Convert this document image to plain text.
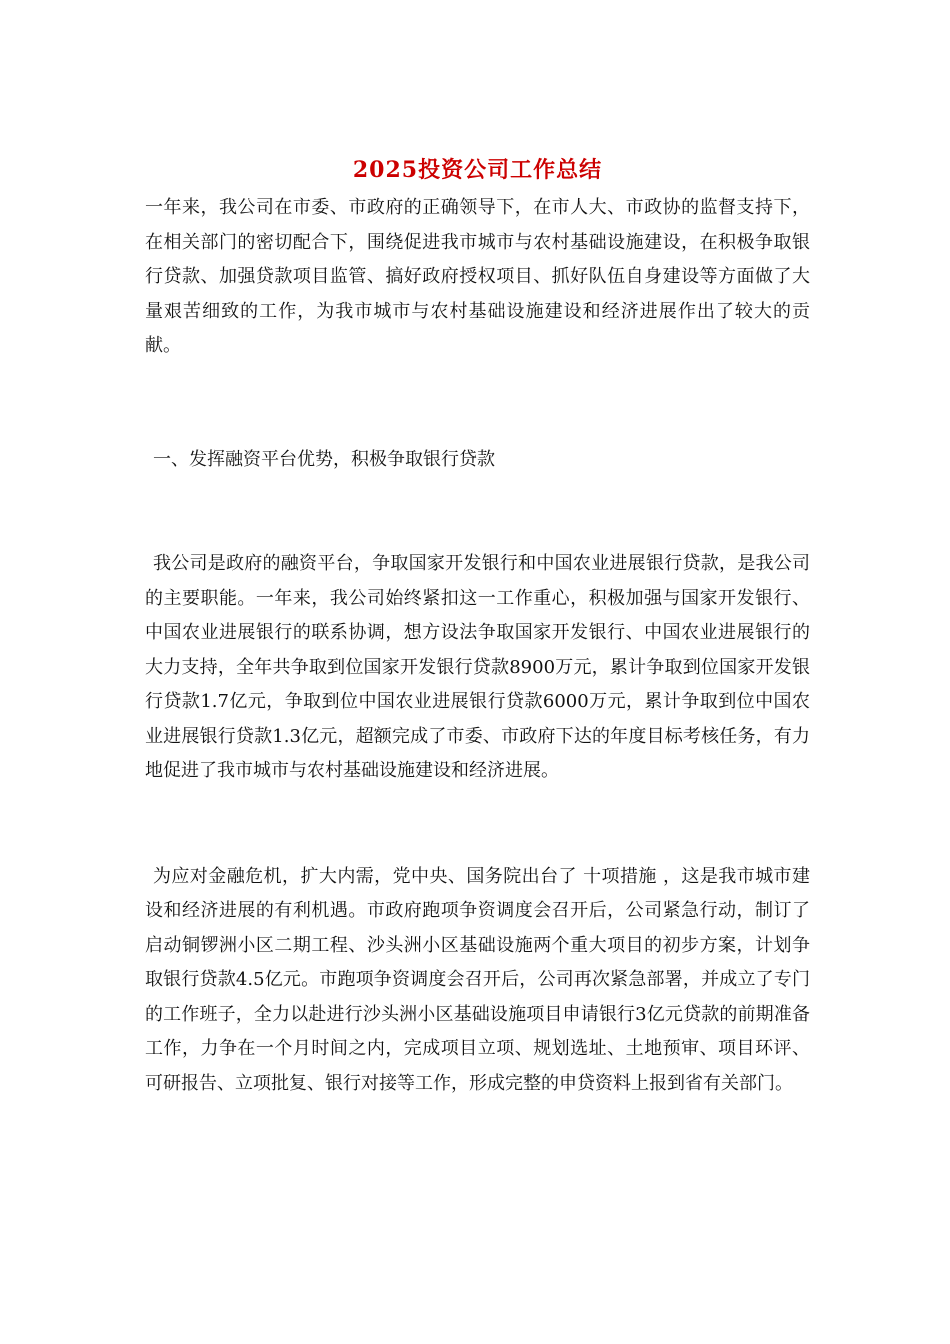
2025投资公司工作总结

一年来，我公司在市委、市政府的正确领导下，在市人大、市政协的监督支持下，在相关部门的密切配合下，围绕促进我市城市与农村基础设施建设，在积极争取银行贷款、加强贷款项目监管、搞好政府授权项目、抓好队伍自身建设等方面做了大量艰苦细致的工作，为我市城市与农村基础设施建设和经济进展作出了较大的贡献。

一、发挥融资平台优势，积极争取银行贷款

我公司是政府的融资平台，争取国家开发银行和中国农业进展银行贷款，是我公司的主要职能。一年来，我公司始终紧扣这一工作重心，积极加强与国家开发银行、中国农业进展银行的联系协调，想方设法争取国家开发银行、中国农业进展银行的大力支持，全年共争取到位国家开发银行贷款8900万元，累计争取到位国家开发银行贷款1.7亿元，争取到位中国农业进展银行贷款6000万元，累计争取到位中国农业进展银行贷款1.3亿元，超额完成了市委、市政府下达的年度目标考核任务，有力地促进了我市城市与农村基础设施建设和经济进展。

为应对金融危机，扩大内需，党中央、国务院出台了 十项措施 ，这是我市城市建设和经济进展的有利机遇。市政府跑项争资调度会召开后，公司紧急行动，制订了启动铜锣洲小区二期工程、沙头洲小区基础设施两个重大项目的初步方案，计划争取银行贷款4.5亿元。市跑项争资调度会召开后，公司再次紧急部署，并成立了专门的工作班子，全力以赴进行沙头洲小区基础设施项目申请银行3亿元贷款的前期准备工作，力争在一个月时间之内，完成项目立项、规划选址、土地预审、项目环评、可研报告、立项批复、银行对接等工作，形成完整的申贷资料上报到省有关部门。
